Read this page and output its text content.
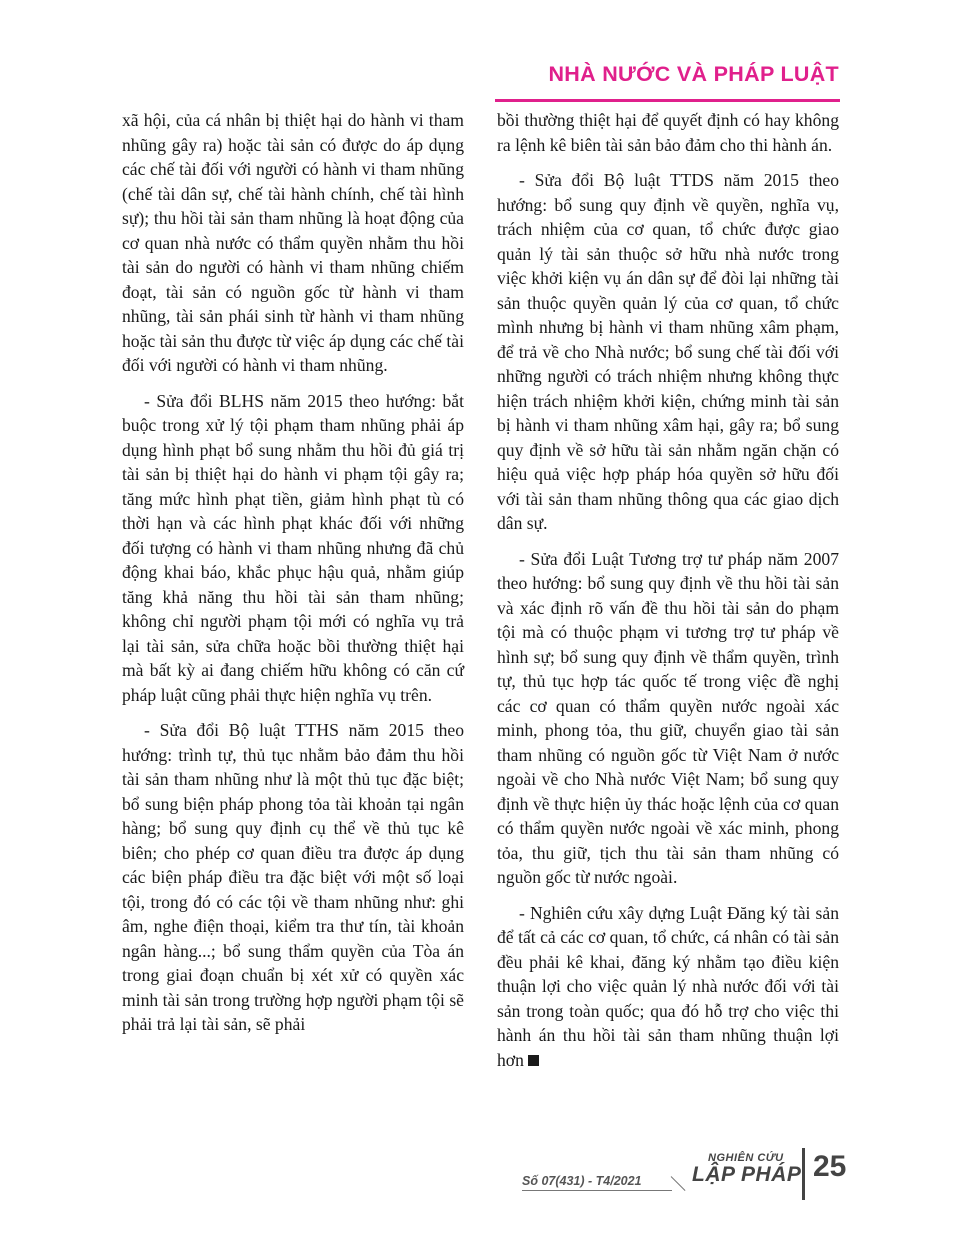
NHÀ NƯỚC VÀ PHÁP LUẬT

xã hội, của cá nhân bị thiệt hại do hành vi tham nhũng gây ra) hoặc tài sản có được do áp dụng các chế tài đối với người có hành vi tham nhũng (chế tài dân sự, chế tài hành chính, chế tài hình sự); thu hồi tài sản tham nhũng là hoạt động của cơ quan nhà nước có thẩm quyền nhằm thu hồi tài sản do người có hành vi tham nhũng chiếm đoạt, tài sản có nguồn gốc từ hành vi tham nhũng, tài sản phái sinh từ hành vi tham nhũng hoặc tài sản thu được từ việc áp dụng các chế tài đối với người có hành vi tham nhũng.

- Sửa đổi BLHS năm 2015 theo hướng: bắt buộc trong xử lý tội phạm tham nhũng phải áp dụng hình phạt bổ sung nhằm thu hồi đủ giá trị tài sản bị thiệt hại do hành vi phạm tội gây ra; tăng mức hình phạt tiền, giảm hình phạt tù có thời hạn và các hình phạt khác đối với những đối tượng có hành vi tham nhũng nhưng đã chủ động khai báo, khắc phục hậu quả, nhằm giúp tăng khả năng thu hồi tài sản tham nhũng; không chỉ người phạm tội mới có nghĩa vụ trả lại tài sản, sửa chữa hoặc bồi thường thiệt hại mà bất kỳ ai đang chiếm hữu không có căn cứ pháp luật cũng phải thực hiện nghĩa vụ trên.

- Sửa đổi Bộ luật TTHS năm 2015 theo hướng: trình tự, thủ tục nhằm bảo đảm thu hồi tài sản tham nhũng như là một thủ tục đặc biệt; bổ sung biện pháp phong tỏa tài khoản tại ngân hàng; bổ sung quy định cụ thể về thủ tục kê biên; cho phép cơ quan điều tra được áp dụng các biện pháp điều tra đặc biệt với một số loại tội, trong đó có các tội về tham nhũng như: ghi âm, nghe điện thoại, kiểm tra thư tín, tài khoản ngân hàng...; bổ sung thẩm quyền của Tòa án trong giai đoạn chuẩn bị xét xử có quyền xác minh tài sản trong trường hợp người phạm tội sẽ phải trả lại tài sản, sẽ phải

bồi thường thiệt hại để quyết định có hay không ra lệnh kê biên tài sản bảo đảm cho thi hành án.

- Sửa đổi Bộ luật TTDS năm 2015 theo hướng: bổ sung quy định về quyền, nghĩa vụ, trách nhiệm của cơ quan, tổ chức được giao quản lý tài sản thuộc sở hữu nhà nước trong việc khởi kiện vụ án dân sự để đòi lại những tài sản thuộc quyền quản lý của cơ quan, tổ chức mình nhưng bị hành vi tham nhũng xâm phạm, để trả về cho Nhà nước; bổ sung chế tài đối với những người có trách nhiệm nhưng không thực hiện trách nhiệm khởi kiện, chứng minh tài sản bị hành vi tham nhũng xâm hại, gây ra; bổ sung quy định về sở hữu tài sản nhằm ngăn chặn có hiệu quả việc hợp pháp hóa quyền sở hữu đối với tài sản tham nhũng thông qua các giao dịch dân sự.

- Sửa đổi Luật Tương trợ tư pháp năm 2007 theo hướng: bổ sung quy định về thu hồi tài sản và xác định rõ vấn đề thu hồi tài sản do phạm tội mà có thuộc phạm vi tương trợ tư pháp về hình sự; bổ sung quy định về thẩm quyền, trình tự, thủ tục hợp tác quốc tế trong việc đề nghị các cơ quan có thẩm quyền nước ngoài xác minh, phong tỏa, thu giữ, chuyển giao tài sản tham nhũng có nguồn gốc từ Việt Nam ở nước ngoài về cho Nhà nước Việt Nam; bổ sung quy định về thực hiện ủy thác hoặc lệnh của cơ quan có thẩm quyền nước ngoài về xác minh, phong tỏa, thu giữ, tịch thu tài sản tham nhũng có nguồn gốc từ nước ngoài.

- Nghiên cứu xây dựng Luật Đăng ký tài sản để tất cả các cơ quan, tổ chức, cá nhân có tài sản đều phải kê khai, đăng ký nhằm tạo điều kiện thuận lợi cho việc quản lý nhà nước đối với tài sản trong toàn quốc; qua đó hỗ trợ cho việc thi hành án thu hồi tài sản tham nhũng thuận lợi hơn

Số 07(431) - T4/2021
NGHIÊN CỨU
LẬP PHÁP 25
